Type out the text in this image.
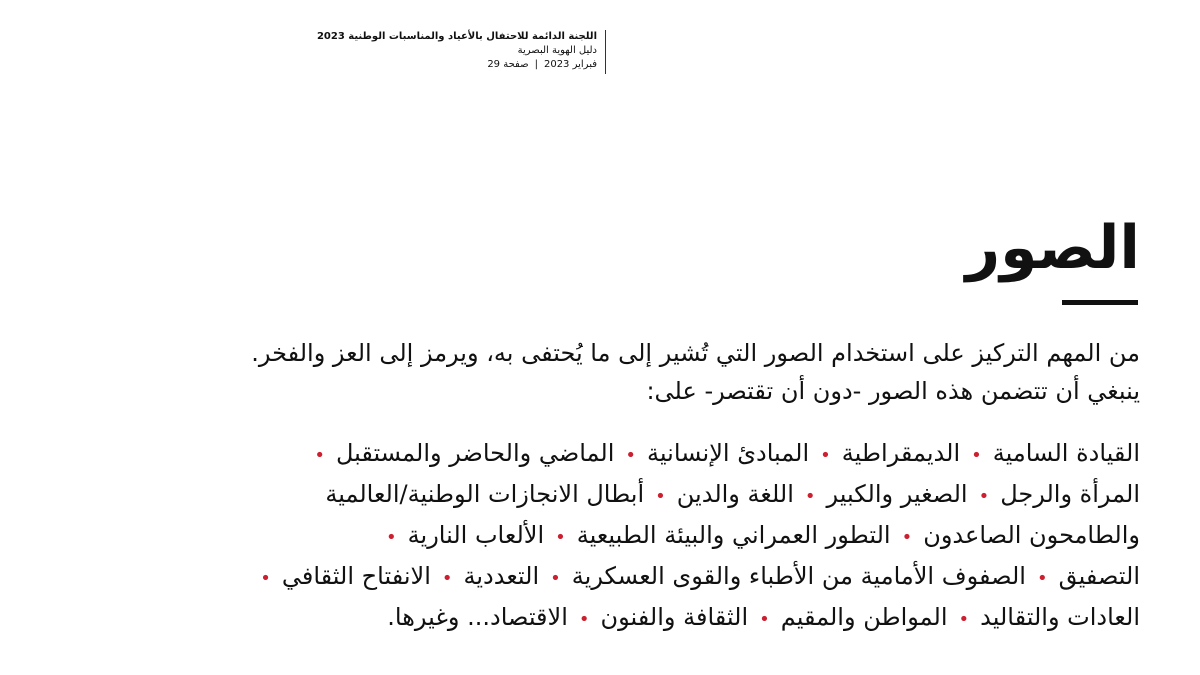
اللجنة الدائمة للاحتفال بالأعياد والمناسبات الوطنية 2023
دليل الهوية البصرية
فبراير 2023|صفحة 29
الصور

من المهم التركيز على استخدام الصور التي تُشير إلى ما يُحتفى به، ويرمز إلى العز والفخر.
ينبغي أن تتضمن هذه الصور -دون أن تقتصر- على:

القيادة السامية•الديمقراطية•المبادئ الإنسانية•الماضي والحاضر والمستقبل•
المرأة والرجل•الصغير والكبير•اللغة والدين•أبطال الانجازات الوطنية/العالمية
والطامحون الصاعدون•التطور العمراني والبيئة الطبيعية•الألعاب النارية•
التصفيق•الصفوف الأمامية من الأطباء والقوى العسكرية•التعددية•الانفتاح الثقافي•
العادات والتقاليد•المواطن والمقيم•الثقافة والفنون•الاقتصاد... وغيرها.
